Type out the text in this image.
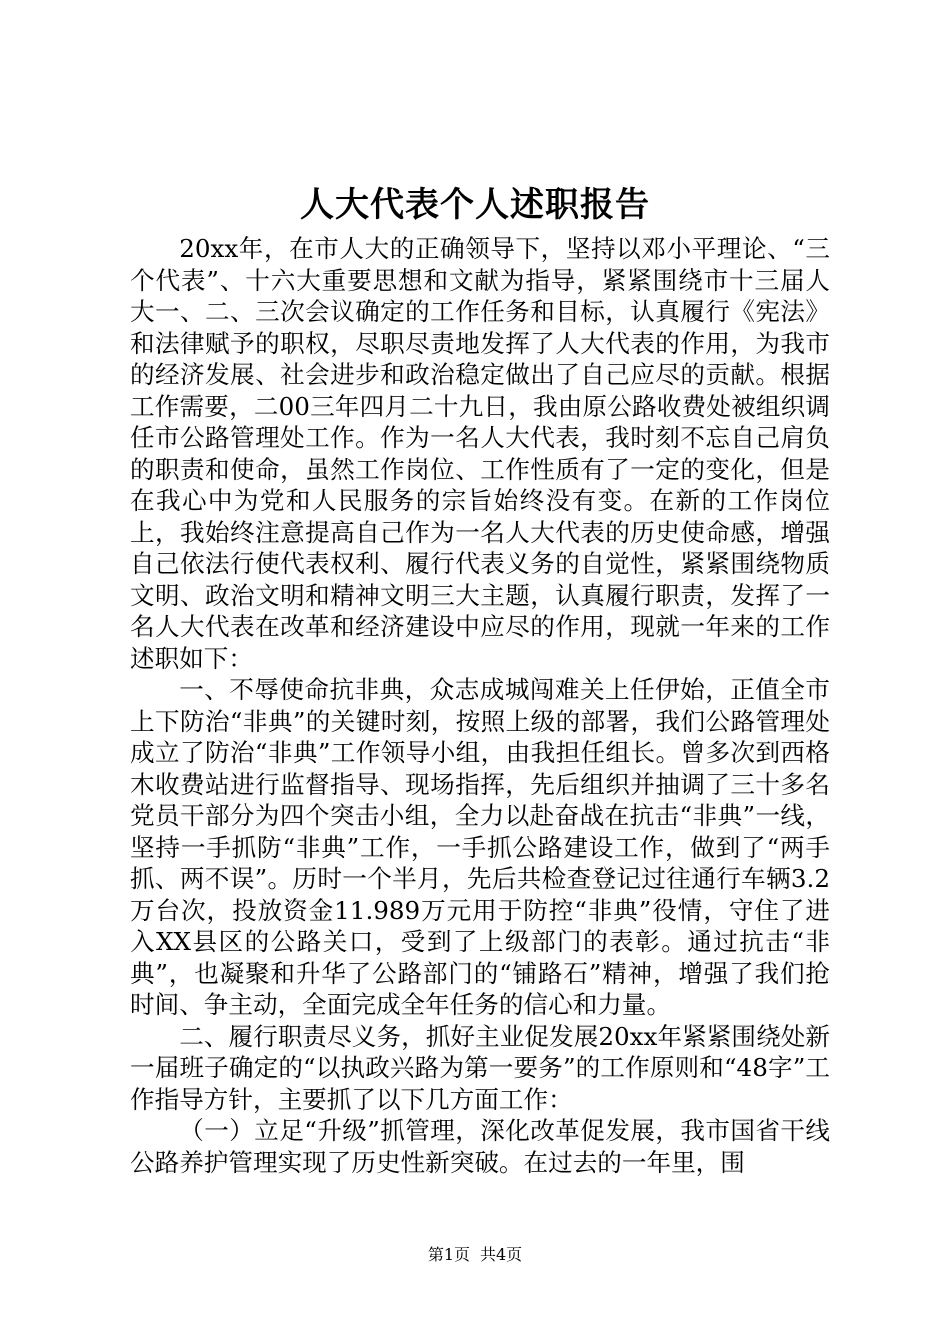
人大代表个人述职报告

20xx年，在市人大的正确领导下，坚持以邓小平理论、“三个代表”、十六大重要思想和文献为指导，紧紧围绕市十三届人大一、二、三次会议确定的工作任务和目标，认真履行《宪法》和法律赋予的职权，尽职尽责地发挥了人大代表的作用，为我市的经济发展、社会进步和政治稳定做出了自己应尽的贡献。根据工作需要，二00三年四月二十九日，我由原公路收费处被组织调任市公路管理处工作。作为一名人大代表，我时刻不忘自己肩负的职责和使命，虽然工作岗位、工作性质有了一定的变化，但是在我心中为党和人民服务的宗旨始终没有变。在新的工作岗位上，我始终注意提高自己作为一名人大代表的历史使命感，增强自己依法行使代表权利、履行代表义务的自觉性，紧紧围绕物质文明、政治文明和精神文明三大主题，认真履行职责，发挥了一名人大代表在改革和经济建设中应尽的作用，现就一年来的工作述职如下：

一、不辱使命抗非典，众志成城闯难关上任伊始，正值全市上下防治“非典”的关键时刻，按照上级的部署，我们公路管理处成立了防治“非典”工作领导小组，由我担任组长。曾多次到西格木收费站进行监督指导、现场指挥，先后组织并抽调了三十多名党员干部分为四个突击小组，全力以赴奋战在抗击“非典”一线，坚持一手抓防“非典”工作，一手抓公路建设工作，做到了“两手抓、两不误”。历时一个半月，先后共检查登记过往通行车辆3.2万台次，投放资金11.989万元用于防控“非典”役情，守住了进入XX县区的公路关口，受到了上级部门的表彰。通过抗击“非典”，也凝聚和升华了公路部门的“铺路石”精神，增强了我们抢时间、争主动，全面完成全年任务的信心和力量。

二、履行职责尽义务，抓好主业促发展20xx年紧紧围绕处新一届班子确定的“以执政兴路为第一要务”的工作原则和“48字”工作指导方针，主要抓了以下几方面工作：

（一）立足“升级”抓管理，深化改革促发展，我市国省干线公路养护管理实现了历史性新突破。在过去的一年里，围

第1页 共4页
